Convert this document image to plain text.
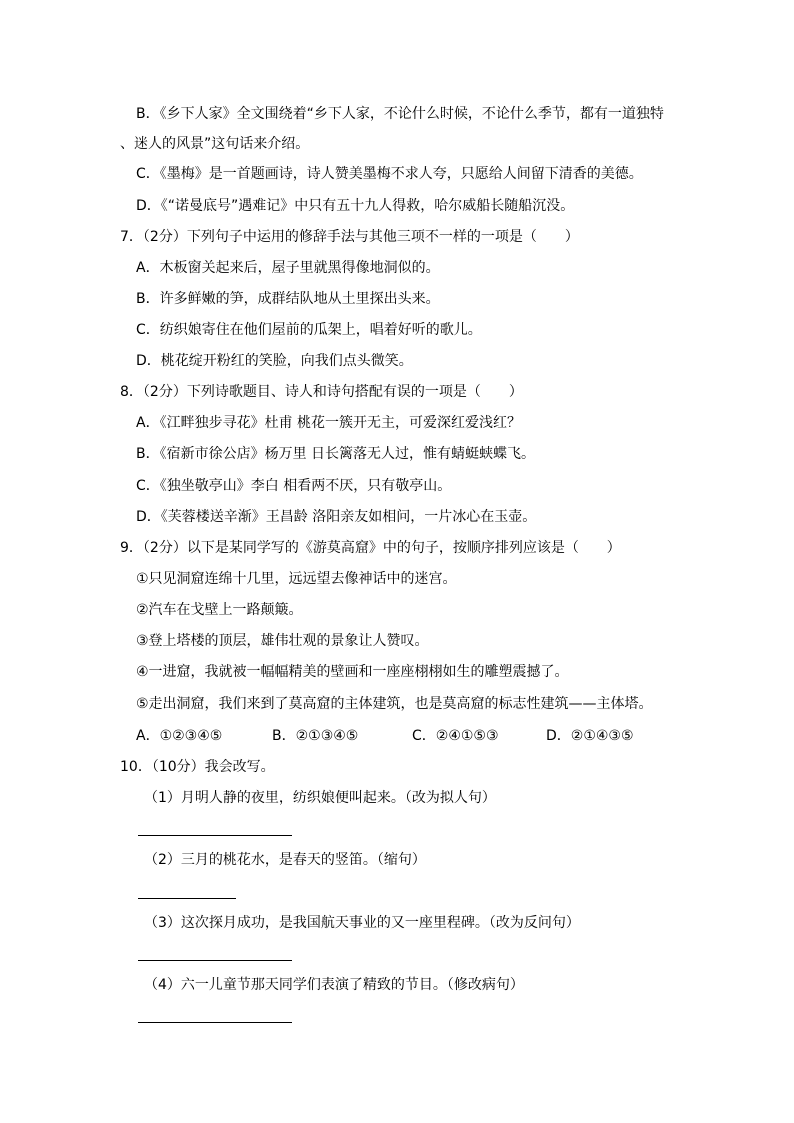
B．《乡下人家》全文围绕着“乡下人家，不论什么时候，不论什么季节，都有一道独特
、迷人的风景”这句话来介绍。
C．《墨梅》是一首题画诗，诗人赞美墨梅不求人夸，只愿给人间留下清香的美德。
D．《“诺曼底号”遇难记》中只有五十九人得救，哈尔威船长随船沉没。
7．（2分）下列句子中运用的修辞手法与其他三项不一样的一项是（　　）
A．木板窗关起来后，屋子里就黑得像地洞似的。
B．许多鲜嫩的笋，成群结队地从土里探出头来。
C．纺织娘寄住在他们屋前的瓜架上，唱着好听的歌儿。
D．桃花绽开粉红的笑脸，向我们点头微笑。
8．（2分）下列诗歌题目、诗人和诗句搭配有误的一项是（　　）
A．《江畔独步寻花》杜甫 桃花一簇开无主，可爱深红爱浅红？
B．《宿新市徐公店》杨万里 日长篱落无人过，惟有蜻蜓蛱蝶飞。
C．《独坐敬亭山》李白 相看两不厌，只有敬亭山。
D．《芙蓉楼送辛渐》王昌龄 洛阳亲友如相问，一片冰心在玉壶。
9．（2分）以下是某同学写的《游莫高窟》中的句子，按顺序排列应该是（　　）
①只见洞窟连绵十几里，远远望去像神话中的迷宫。
②汽车在戈壁上一路颠簸。
③登上塔楼的顶层，雄伟壮观的景象让人赞叹。
④一进窟，我就被一幅幅精美的壁画和一座座栩栩如生的雕塑震撼了。
⑤走出洞窟，我们来到了莫高窟的主体建筑，也是莫高窟的标志性建筑——主体塔。
A．①②③④⑤	B．②①③④⑤	C．②④①⑤③	D．②①④③⑤
10．（10分）我会改写。
（1）月明人静的夜里，纺织娘便叫起来。（改为拟人句）
（2）三月的桃花水，是春天的竖笛。（缩句）
（3）这次探月成功，是我国航天事业的又一座里程碑。（改为反问句）
（4）六一儿童节那天同学们表演了精致的节目。（修改病句）
